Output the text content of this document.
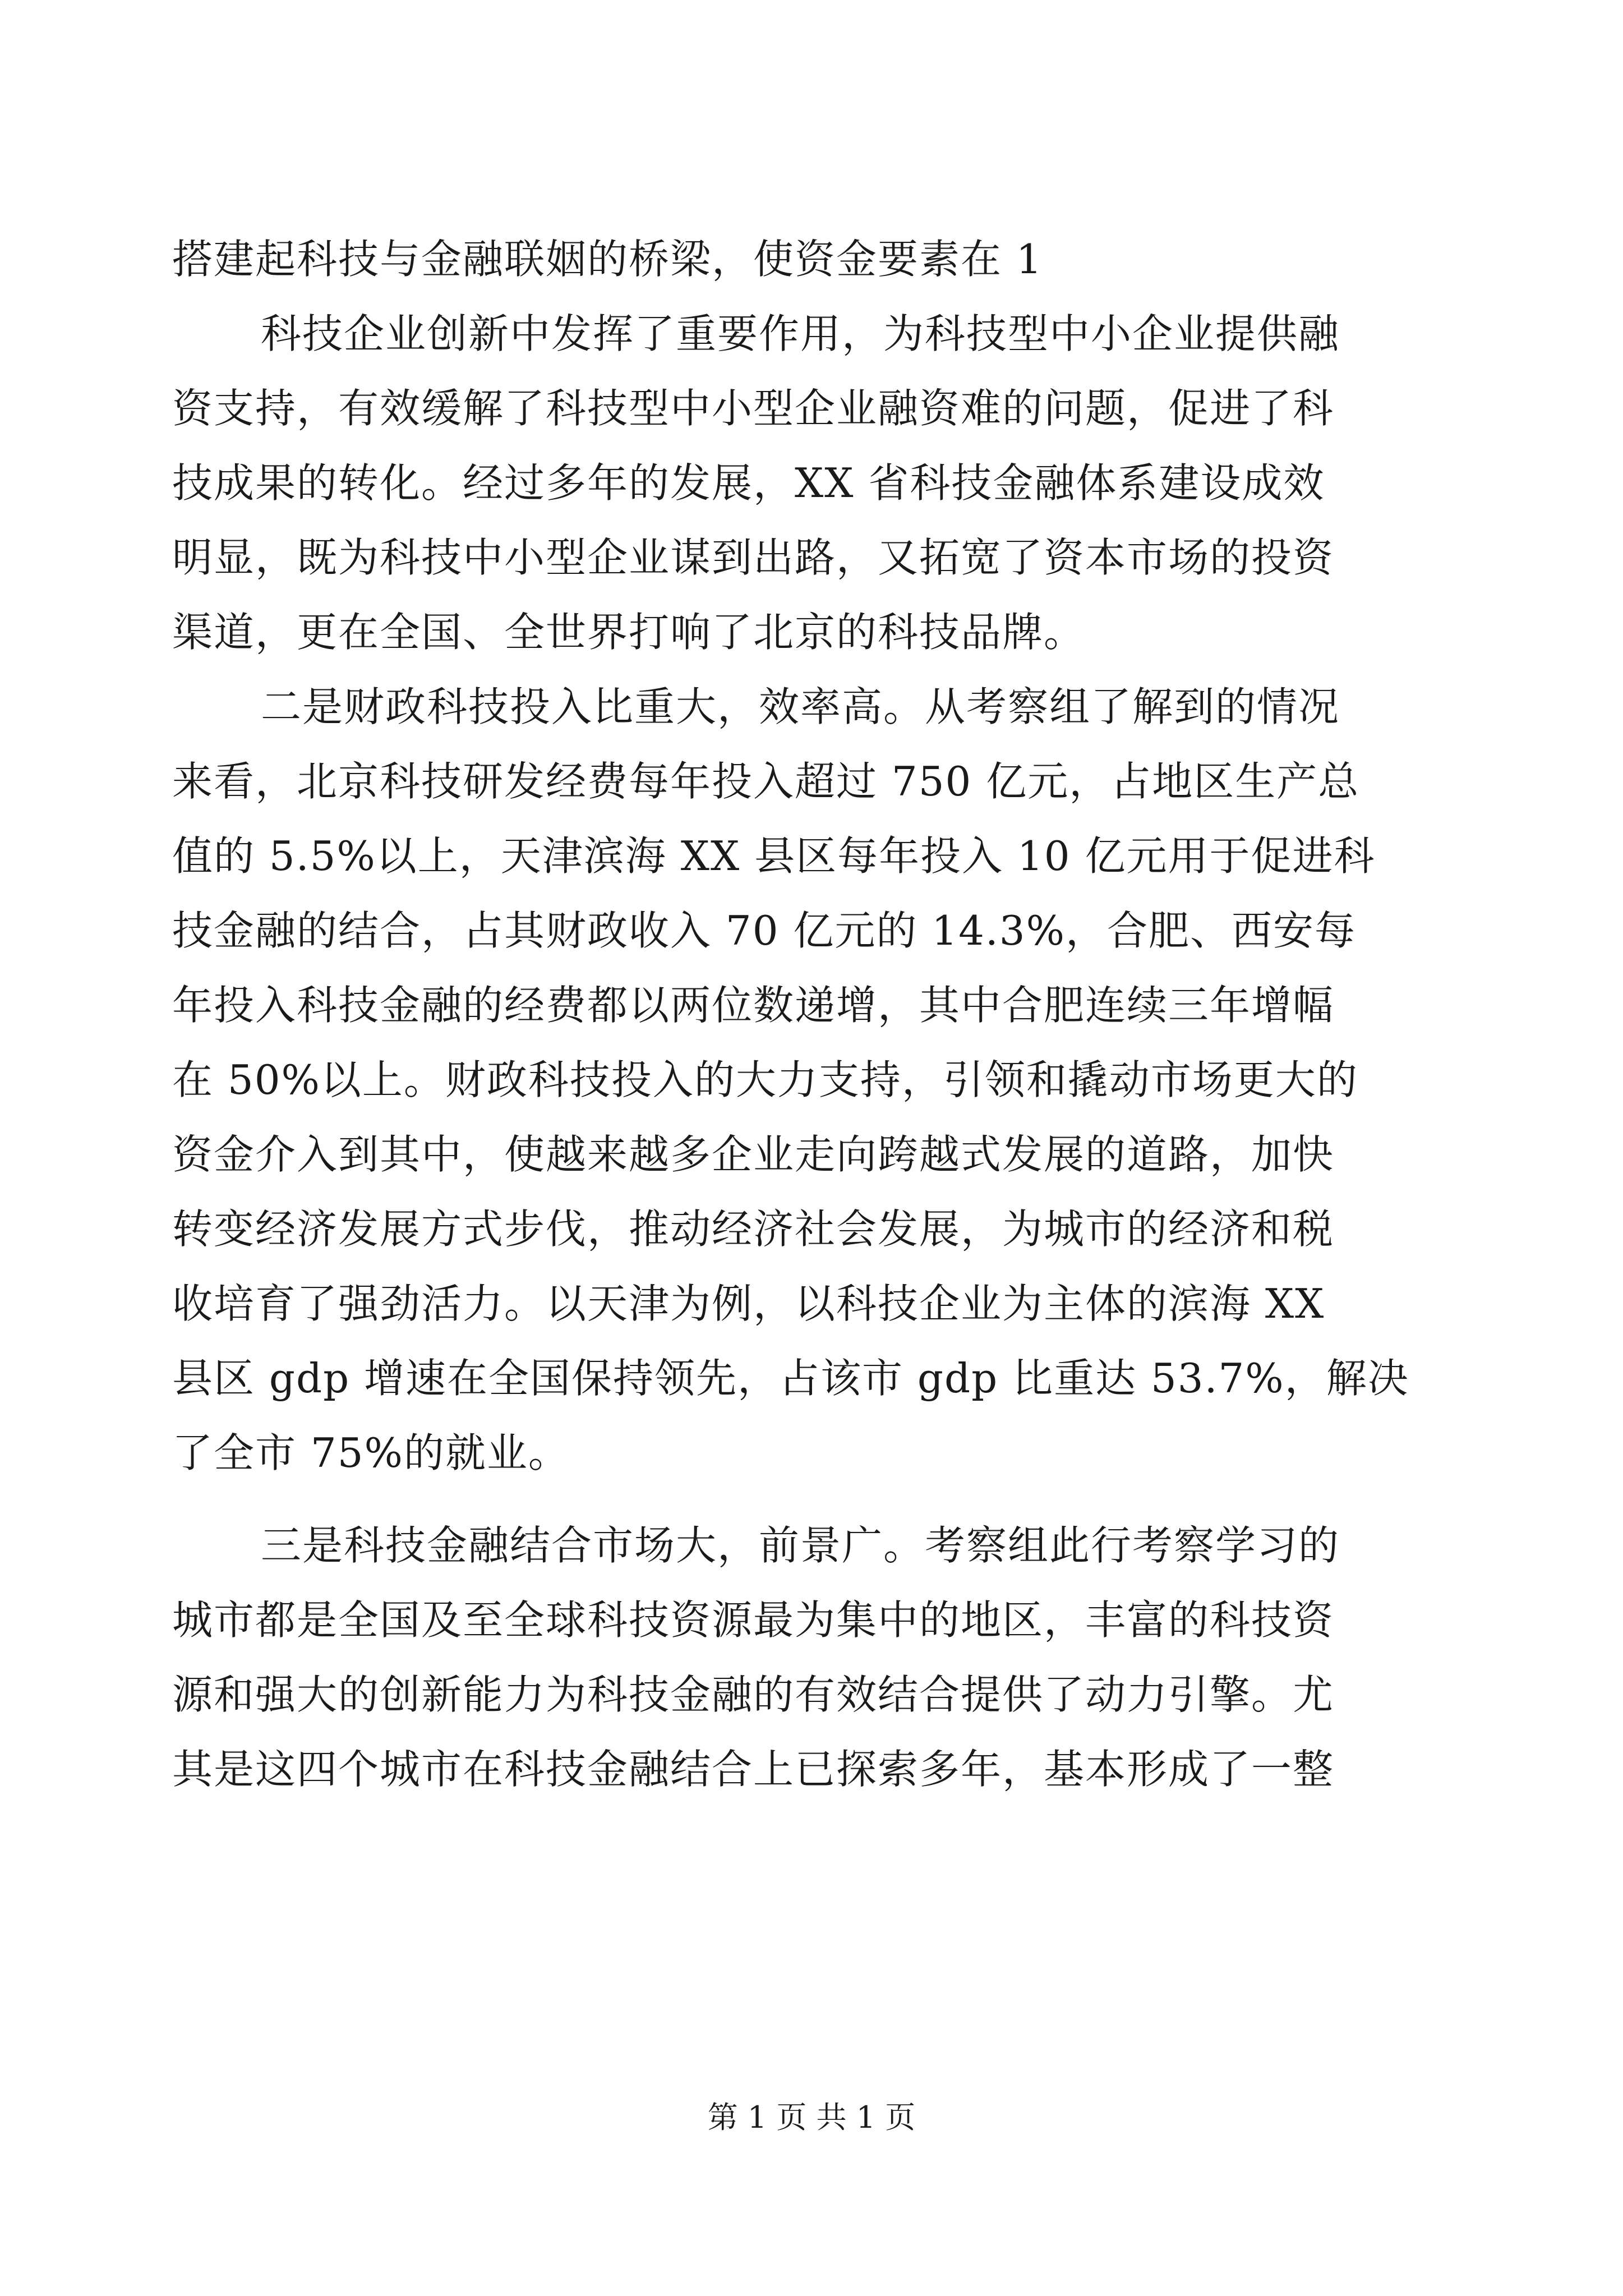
搭建起科技与金融联姻的桥梁，使资金要素在 1
科技企业创新中发挥了重要作用，为科技型中小企业提供融
资支持，有效缓解了科技型中小型企业融资难的问题，促进了科
技成果的转化。经过多年的发展，XX 省科技金融体系建设成效
明显，既为科技中小型企业谋到出路，又拓宽了资本市场的投资
渠道，更在全国、全世界打响了北京的科技品牌。
二是财政科技投入比重大，效率高。从考察组了解到的情况
来看，北京科技研发经费每年投入超过 750 亿元，占地区生产总
值的 5.5%以上，天津滨海 XX 县区每年投入 10 亿元用于促进科
技金融的结合，占其财政收入 70 亿元的 14.3%，合肥、西安每
年投入科技金融的经费都以两位数递增，其中合肥连续三年增幅
在 50%以上。财政科技投入的大力支持，引领和撬动市场更大的
资金介入到其中，使越来越多企业走向跨越式发展的道路，加快
转变经济发展方式步伐，推动经济社会发展，为城市的经济和税
收培育了强劲活力。以天津为例，以科技企业为主体的滨海 XX
县区 gdp 增速在全国保持领先，占该市 gdp 比重达 53.7%，解决
了全市 75%的就业。
三是科技金融结合市场大，前景广。考察组此行考察学习的
城市都是全国及至全球科技资源最为集中的地区，丰富的科技资
源和强大的创新能力为科技金融的有效结合提供了动力引擎。尤
其是这四个城市在科技金融结合上已探索多年，基本形成了一整
第 1 页 共 1 页
